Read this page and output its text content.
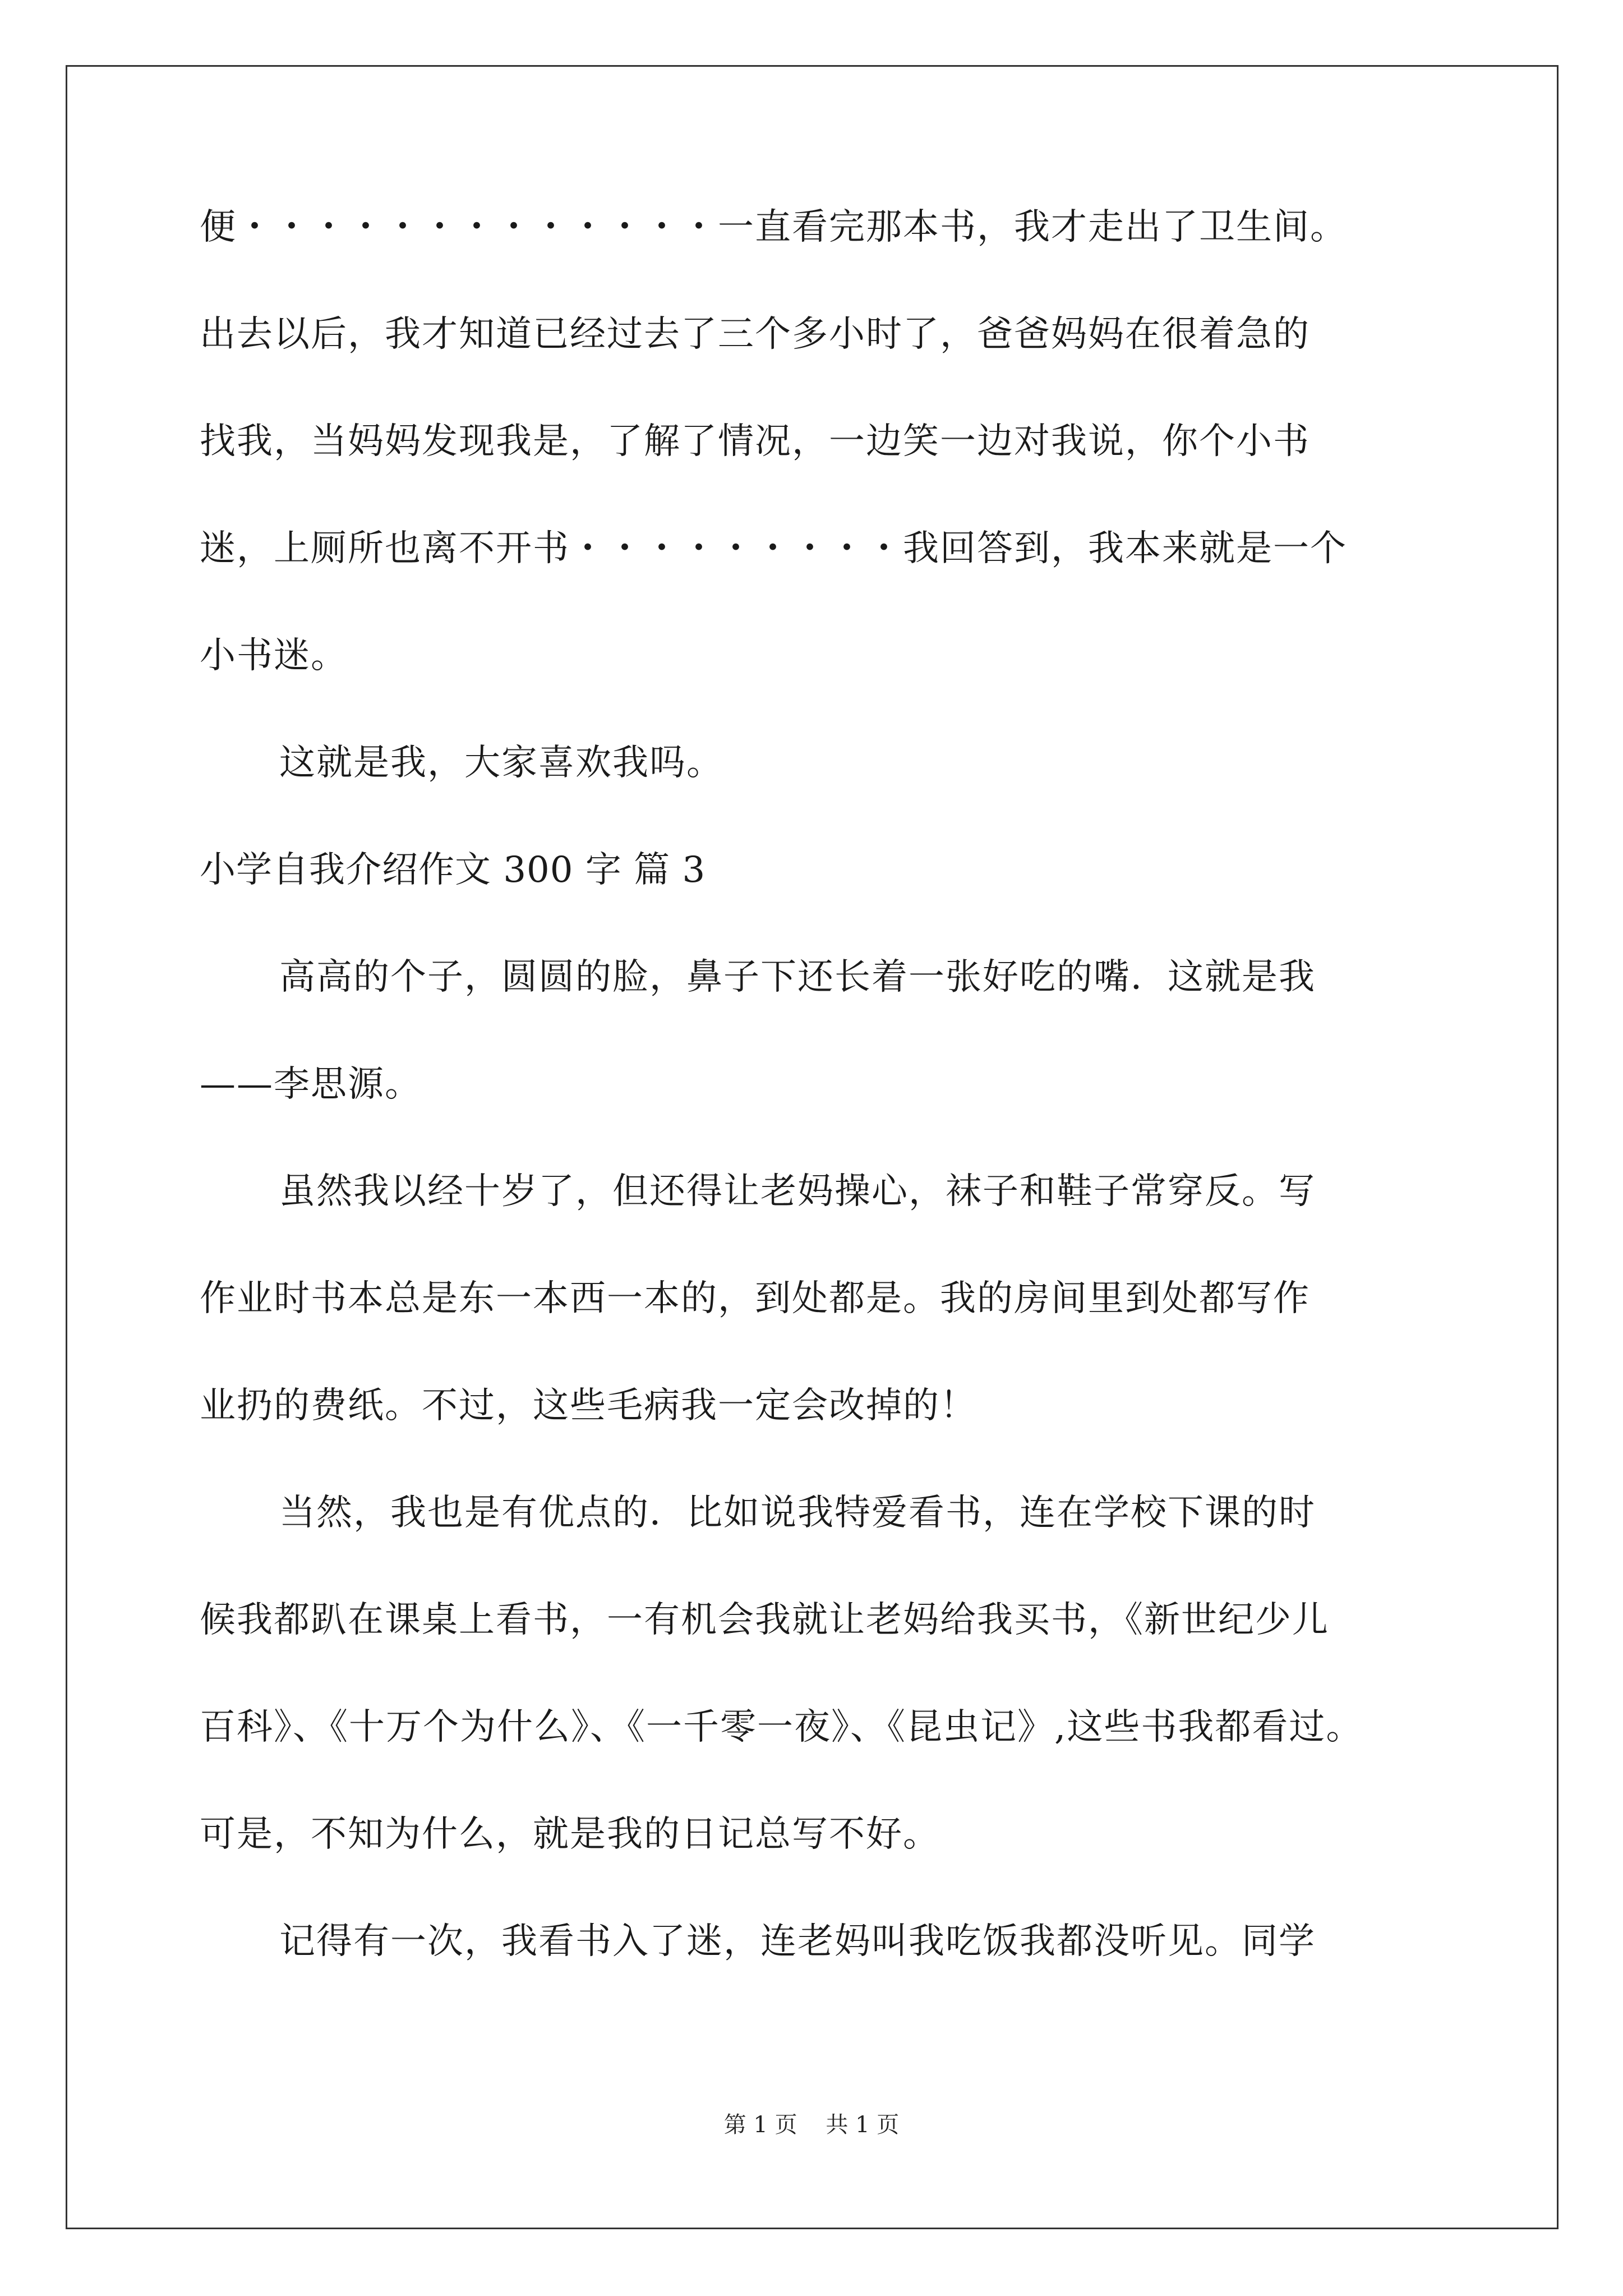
便・・・・・・・・・・・・・一直看完那本书，我才走出了卫生间。

出去以后，我才知道已经过去了三个多小时了，爸爸妈妈在很着急的

找我，当妈妈发现我是，了解了情况，一边笑一边对我说，你个小书

迷，上厕所也离不开书・・・・・・・・・我回答到，我本来就是一个

小书迷。

这就是我，大家喜欢我吗。

小学自我介绍作文 300 字 篇 3

高高的个子，圆圆的脸，鼻子下还长着一张好吃的嘴．这就是我

——李思源。

虽然我以经十岁了，但还得让老妈操心，袜子和鞋子常穿反。写

作业时书本总是东一本西一本的，到处都是。我的房间里到处都写作

业扔的费纸。不过，这些毛病我一定会改掉的！

当然，我也是有优点的．比如说我特爱看书，连在学校下课的时

候我都趴在课桌上看书，一有机会我就让老妈给我买书，《新世纪少儿

百科》、《十万个为什么》、《一千零一夜》、《昆虫记》,这些书我都看过。

可是，不知为什么，就是我的日记总写不好。

记得有一次，我看书入了迷，连老妈叫我吃饭我都没听见。同学

第 1 页    共 1 页
